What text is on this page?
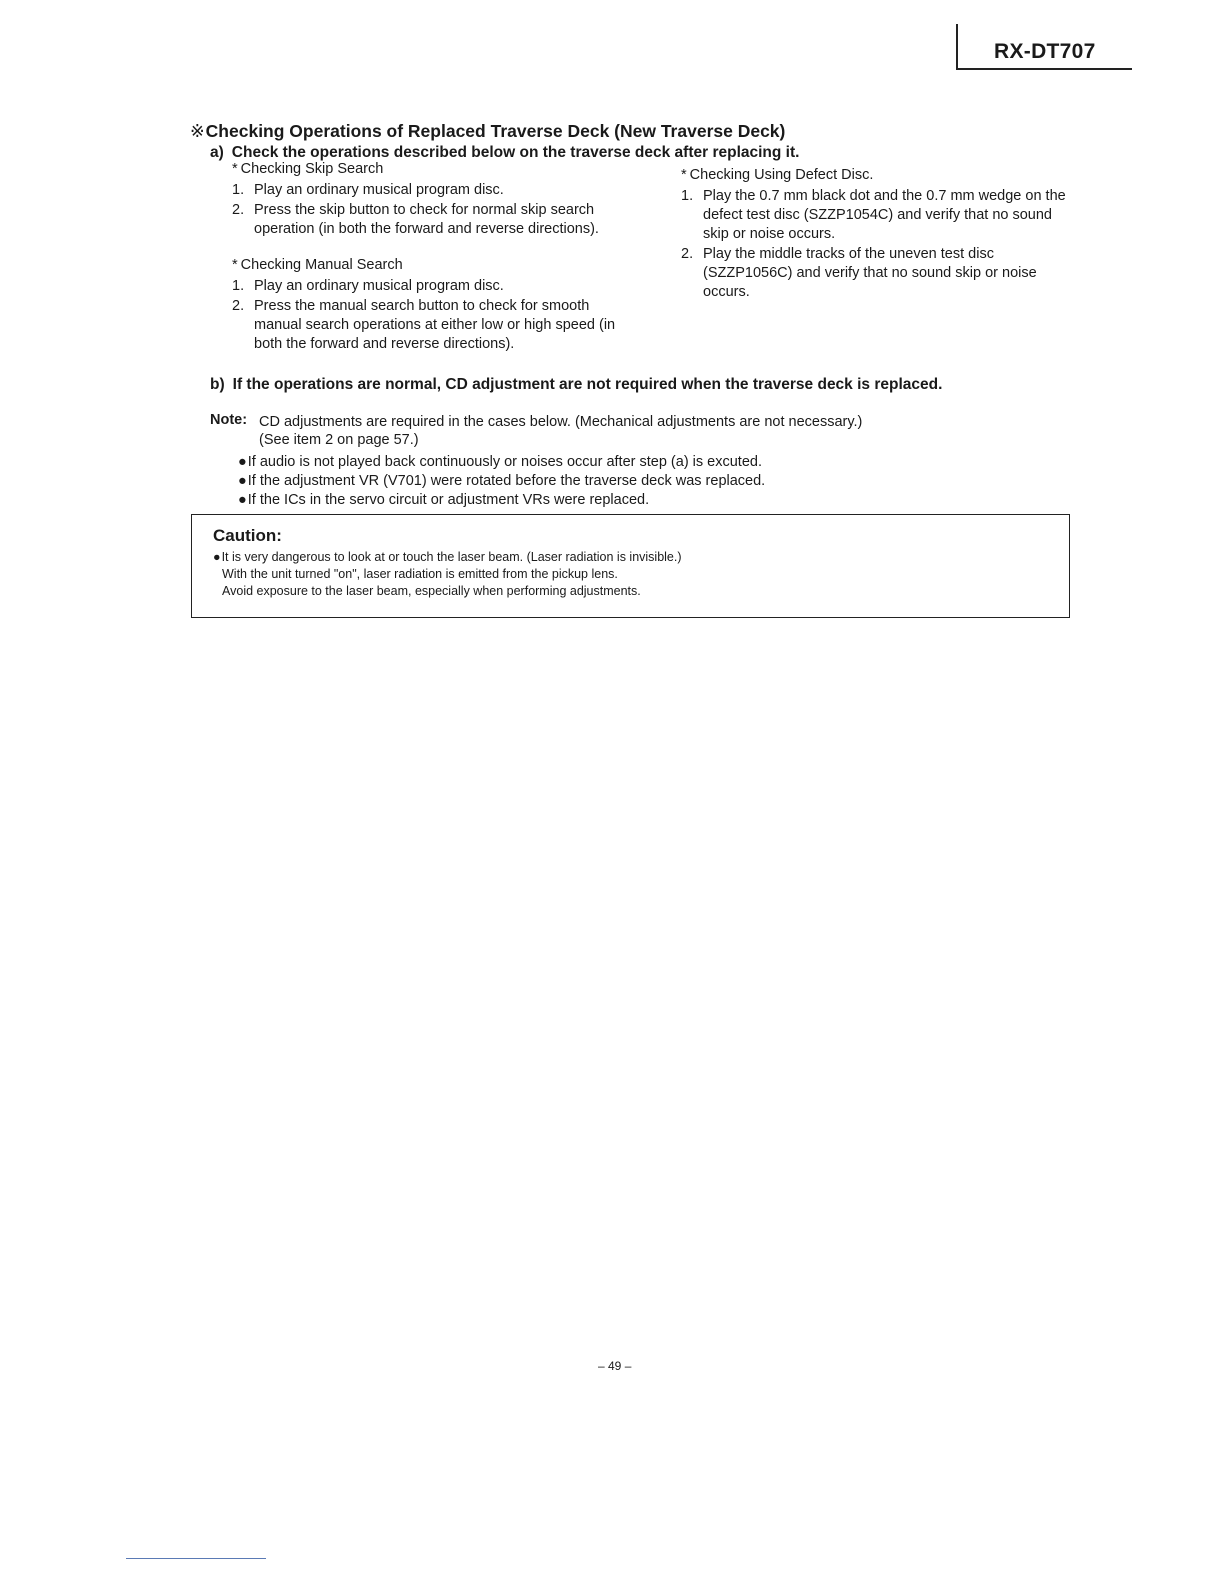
RX-DT707
※Checking Operations of Replaced Traverse Deck (New Traverse Deck)
a) Check the operations described below on the traverse deck after replacing it.
* Checking Skip Search
1. Play an ordinary musical program disc.
2. Press the skip button to check for normal skip search operation (in both the forward and reverse directions).
* Checking Manual Search
1. Play an ordinary musical program disc.
2. Press the manual search button to check for smooth manual search operations at either low or high speed (in both the forward and reverse directions).
* Checking Using Defect Disc.
1. Play the 0.7 mm black dot and the 0.7 mm wedge on the defect test disc (SZZP1054C) and verify that no sound skip or noise occurs.
2. Play the middle tracks of the uneven test disc (SZZP1056C) and verify that no sound skip or noise occurs.
b) If the operations are normal, CD adjustment are not required when the traverse deck is replaced.
Note: CD adjustments are required in the cases below. (Mechanical adjustments are not necessary.)
(See item 2 on page 57.)
●If audio is not played back continuously or noises occur after step (a) is excuted.
●If the adjustment VR (V701) were rotated before the traverse deck was replaced.
●If the ICs in the servo circuit or adjustment VRs were replaced.
Caution:
●It is very dangerous to look at or touch the laser beam. (Laser radiation is invisible.)
With the unit turned "on", laser radiation is emitted from the pickup lens.
Avoid exposure to the laser beam, especially when performing adjustments.
– 49 –
